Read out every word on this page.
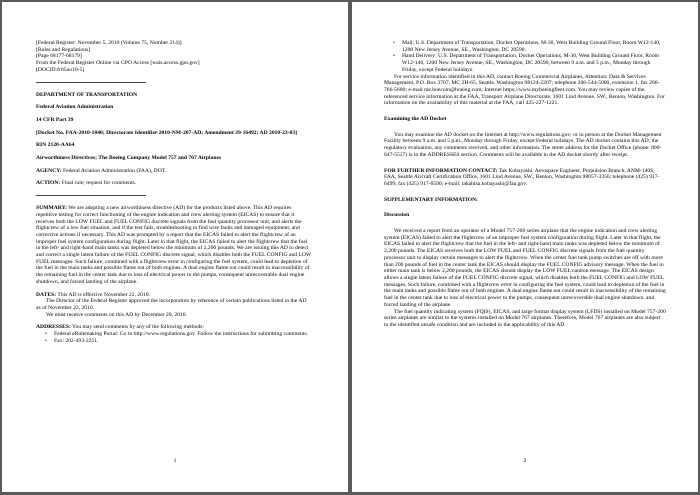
[Federal Register: November 5, 2010 (Volume 75, Number 214)]

[Rules and Regulations]

[Page 68177-68179]

From the Federal Register Online via GPO Access [wais.access.gpo.gov]

[DOCID:fr05no10-5]

DEPARTMENT OF TRANSPORTATION

Federal Aviation Administration

14 CFR Part 39

[Docket No. FAA-2010-1040; Directorate Identifier 2010-NM-207-AD; Amendment 39-16492; AD 2010-23-03]

RIN 2120-AA64

Airworthiness Directives; The Boeing Company Model 757 and 767 Airplanes

AGENCY: Federal Aviation Administration (FAA), DOT.

ACTION: Final rule; request for comments.

SUMMARY: We are adopting a new airworthiness directive (AD) for the products listed above. This AD requires repetitive testing for correct functioning of the engine indication and crew alerting system (EICAS) to ensure that it receives both the LOW FUEL and FUEL CONFIG discrete signals from the fuel quantity processor unit, and alerts the flightcrew of a low fuel situation, and if the test fails, troubleshooting to find wire faults and damaged equipment, and corrective actions if necessary. This AD was prompted by a report that the EICAS failed to alert the flightcrew of an improper fuel system configuration during flight. Later in that flight, the EICAS failed to alert the flightcrew that the fuel in the left- and right-hand main tanks was depleted below the minimum of 2,200 pounds. We are issuing this AD to detect and correct a single latent failure of the FUEL CONFIG discrete signal, which disables both the FUEL CONFIG and LOW FUEL messages. Such failure, combined with a flightcrew error in configuring the fuel system, could lead to depletion of the fuel in the main tanks and possible flame out of both engines. A dual engine flame out could result in inaccessibility of the remaining fuel in the center tank due to loss of electrical power to the pumps, consequent unrecoverable dual engine shutdown, and forced landing of the airplane.

DATES: This AD is effective November 22, 2010.

The Director of the Federal Register approved the incorporation by reference of certain publications listed in the AD as of November 22, 2010.

We must receive comments on this AD by December 20, 2010.

ADDRESSES: You may send comments by any of the following methods:

• Federal eRulemaking Portal: Go to http://www.regulations.gov. Follow the instructions for submitting comments.
• Fax: 202-493-2251.
1
• Mail: U.S. Department of Transportation, Docket Operations, M-30, West Building Ground Floor, Room W12-140, 1200 New Jersey Avenue, SE., Washington, DC 20590.
• Hand Delivery: U.S. Department of Transportation, Docket Operations, M-30, West Building Ground Floor, Room W12-140, 1200 New Jersey Avenue, SE., Washington, DC 20590, between 9 a.m. and 5 p.m., Monday through Friday, except Federal holidays.

For service information identified in this AD, contact Boeing Commercial Airplanes, Attention: Data & Services Management, P.O. Box 3707, MC 2H-65, Seattle, Washington 98124-2207; telephone 206-544-5000, extension 1, fax 206-766-5680; e-mail me.boecom@boeing.com; Internet https://www.myboeingfleet.com. You may review copies of the referenced service information at the FAA, Transport Airplane Directorate, 1601 Lind Avenue, SW., Renton, Washington. For information on the availability of this material at the FAA, call 425-227-1221.

Examining the AD Docket

You may examine the AD docket on the Internet at http://www.regulations.gov; or in person at the Docket Management Facility between 9 a.m. and 5 p.m., Monday through Friday, except Federal holidays. The AD docket contains this AD, the regulatory evaluation, any comments received, and other information. The street address for the Docket Office (phone: 800-647-5527) is in the ADDRESSES section. Comments will be available in the AD docket shortly after receipt.

FOR FURTHER INFORMATION CONTACT: Tak Kobayashi, Aerospace Engineer, Propulsion Branch, ANM-140S, FAA, Seattle Aircraft Certification Office, 1601 Lind Avenue, SW., Renton, Washington 98057-3356; telephone (425) 917-6499; fax (425) 917-6590; e-mail: takahisa.kobayashi@faa.gov.

SUPPLEMENTARY INFORMATION:

Discussion

We received a report from an operator of a Model 757-200 series airplane that the engine indication and crew alerting system (EICAS) failed to alert the flightcrew of an improper fuel system configuration during flight. Later in that flight, the EICAS failed to alert the flightcrew that the fuel in the left- and right-hand main tanks was depleted below the minimum of 2,200 pounds. The EICAS receives both the LOW FUEL and FUEL CONFIG discrete signals from the fuel quantity processor unit to display certain messages to alert the flightcrew. When the center fuel tank pump switches are off with more than 200 pounds of fuel in the center tank the EICAS should display the FUEL CONFIG advisory message. When the fuel in either main tank is below 2,200 pounds, the EICAS should display the LOW FUEL caution message. The EICAS design allows a single latent failure of the FUEL CONFIG discrete signal, which disables both the FUEL CONFIG and LOW FUEL messages. Such failure, combined with a flightcrew error in configuring the fuel system, could lead to depletion of the fuel in the main tanks and possible flame out of both engines. A dual engine flame out could result in inaccessibility of the remaining fuel in the center tank due to loss of electrical power to the pumps, consequent unrecoverable dual engine shutdown, and forced landing of the airplane.

The fuel quantity indicating system (FQIS), EICAS, and large format display system (LFDS) installed on Model 757-200 series airplanes are similar to the systems installed on Model 767 airplanes. Therefore, Model 767 airplanes are also subject to the identified unsafe condition and are included in the applicability of this AD.

2
